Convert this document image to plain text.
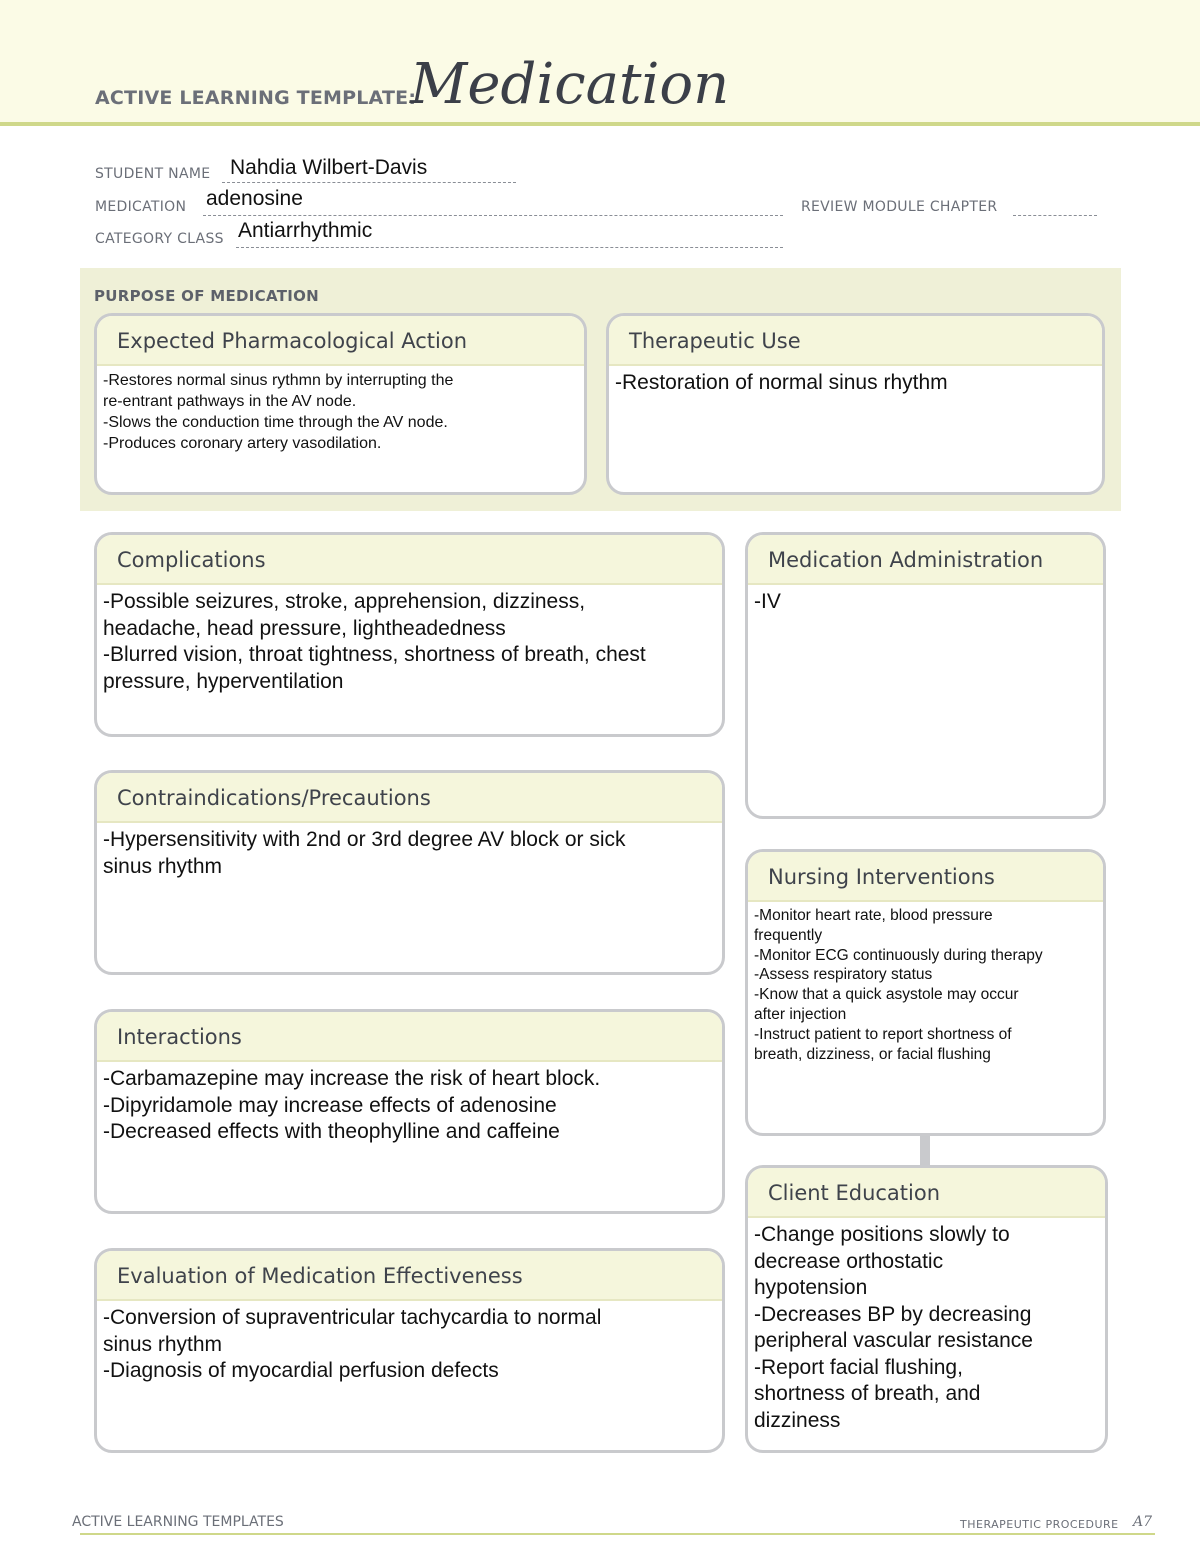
ACTIVE LEARNING TEMPLATE:
Medication
STUDENT NAME Nahdia Wilbert-Davis
MEDICATION adenosine	REVIEW MODULE CHAPTER
CATEGORY CLASS Antiarrhythmic
PURPOSE OF MEDICATION
Expected Pharmacological Action
-Restores normal sinus rythmn by interrupting the
re-entrant pathways in the AV node.
-Slows the conduction time through the AV node.
-Produces coronary artery vasodilation.
Therapeutic Use
-Restoration of normal sinus rhythm
Complications
-Possible seizures, stroke, apprehension, dizziness,
headache, head pressure, lightheadedness
-Blurred vision, throat tightness, shortness of breath, chest
pressure, hyperventilation
Contraindications/Precautions
-Hypersensitivity with 2nd or 3rd degree AV block or sick
sinus rhythm
Interactions
-Carbamazepine may increase the risk of heart block.
-Dipyridamole may increase effects of adenosine
-Decreased effects with theophylline and caffeine
Evaluation of Medication Effectiveness
-Conversion of supraventricular tachycardia to normal
sinus rhythm
-Diagnosis of myocardial perfusion defects
Medication Administration
-IV
Nursing Interventions
-Monitor heart rate, blood pressure
frequently
-Monitor ECG continuously during therapy
-Assess respiratory status
-Know that a quick asystole may occur
after injection
-Instruct patient to report shortness of
breath, dizziness, or facial flushing
Client Education
-Change positions slowly to
decrease orthostatic
hypotension
-Decreases BP by decreasing
peripheral vascular resistance
-Report facial flushing,
shortness of breath, and
dizziness
ACTIVE LEARNING TEMPLATES	THERAPEUTIC PROCEDURE A7
